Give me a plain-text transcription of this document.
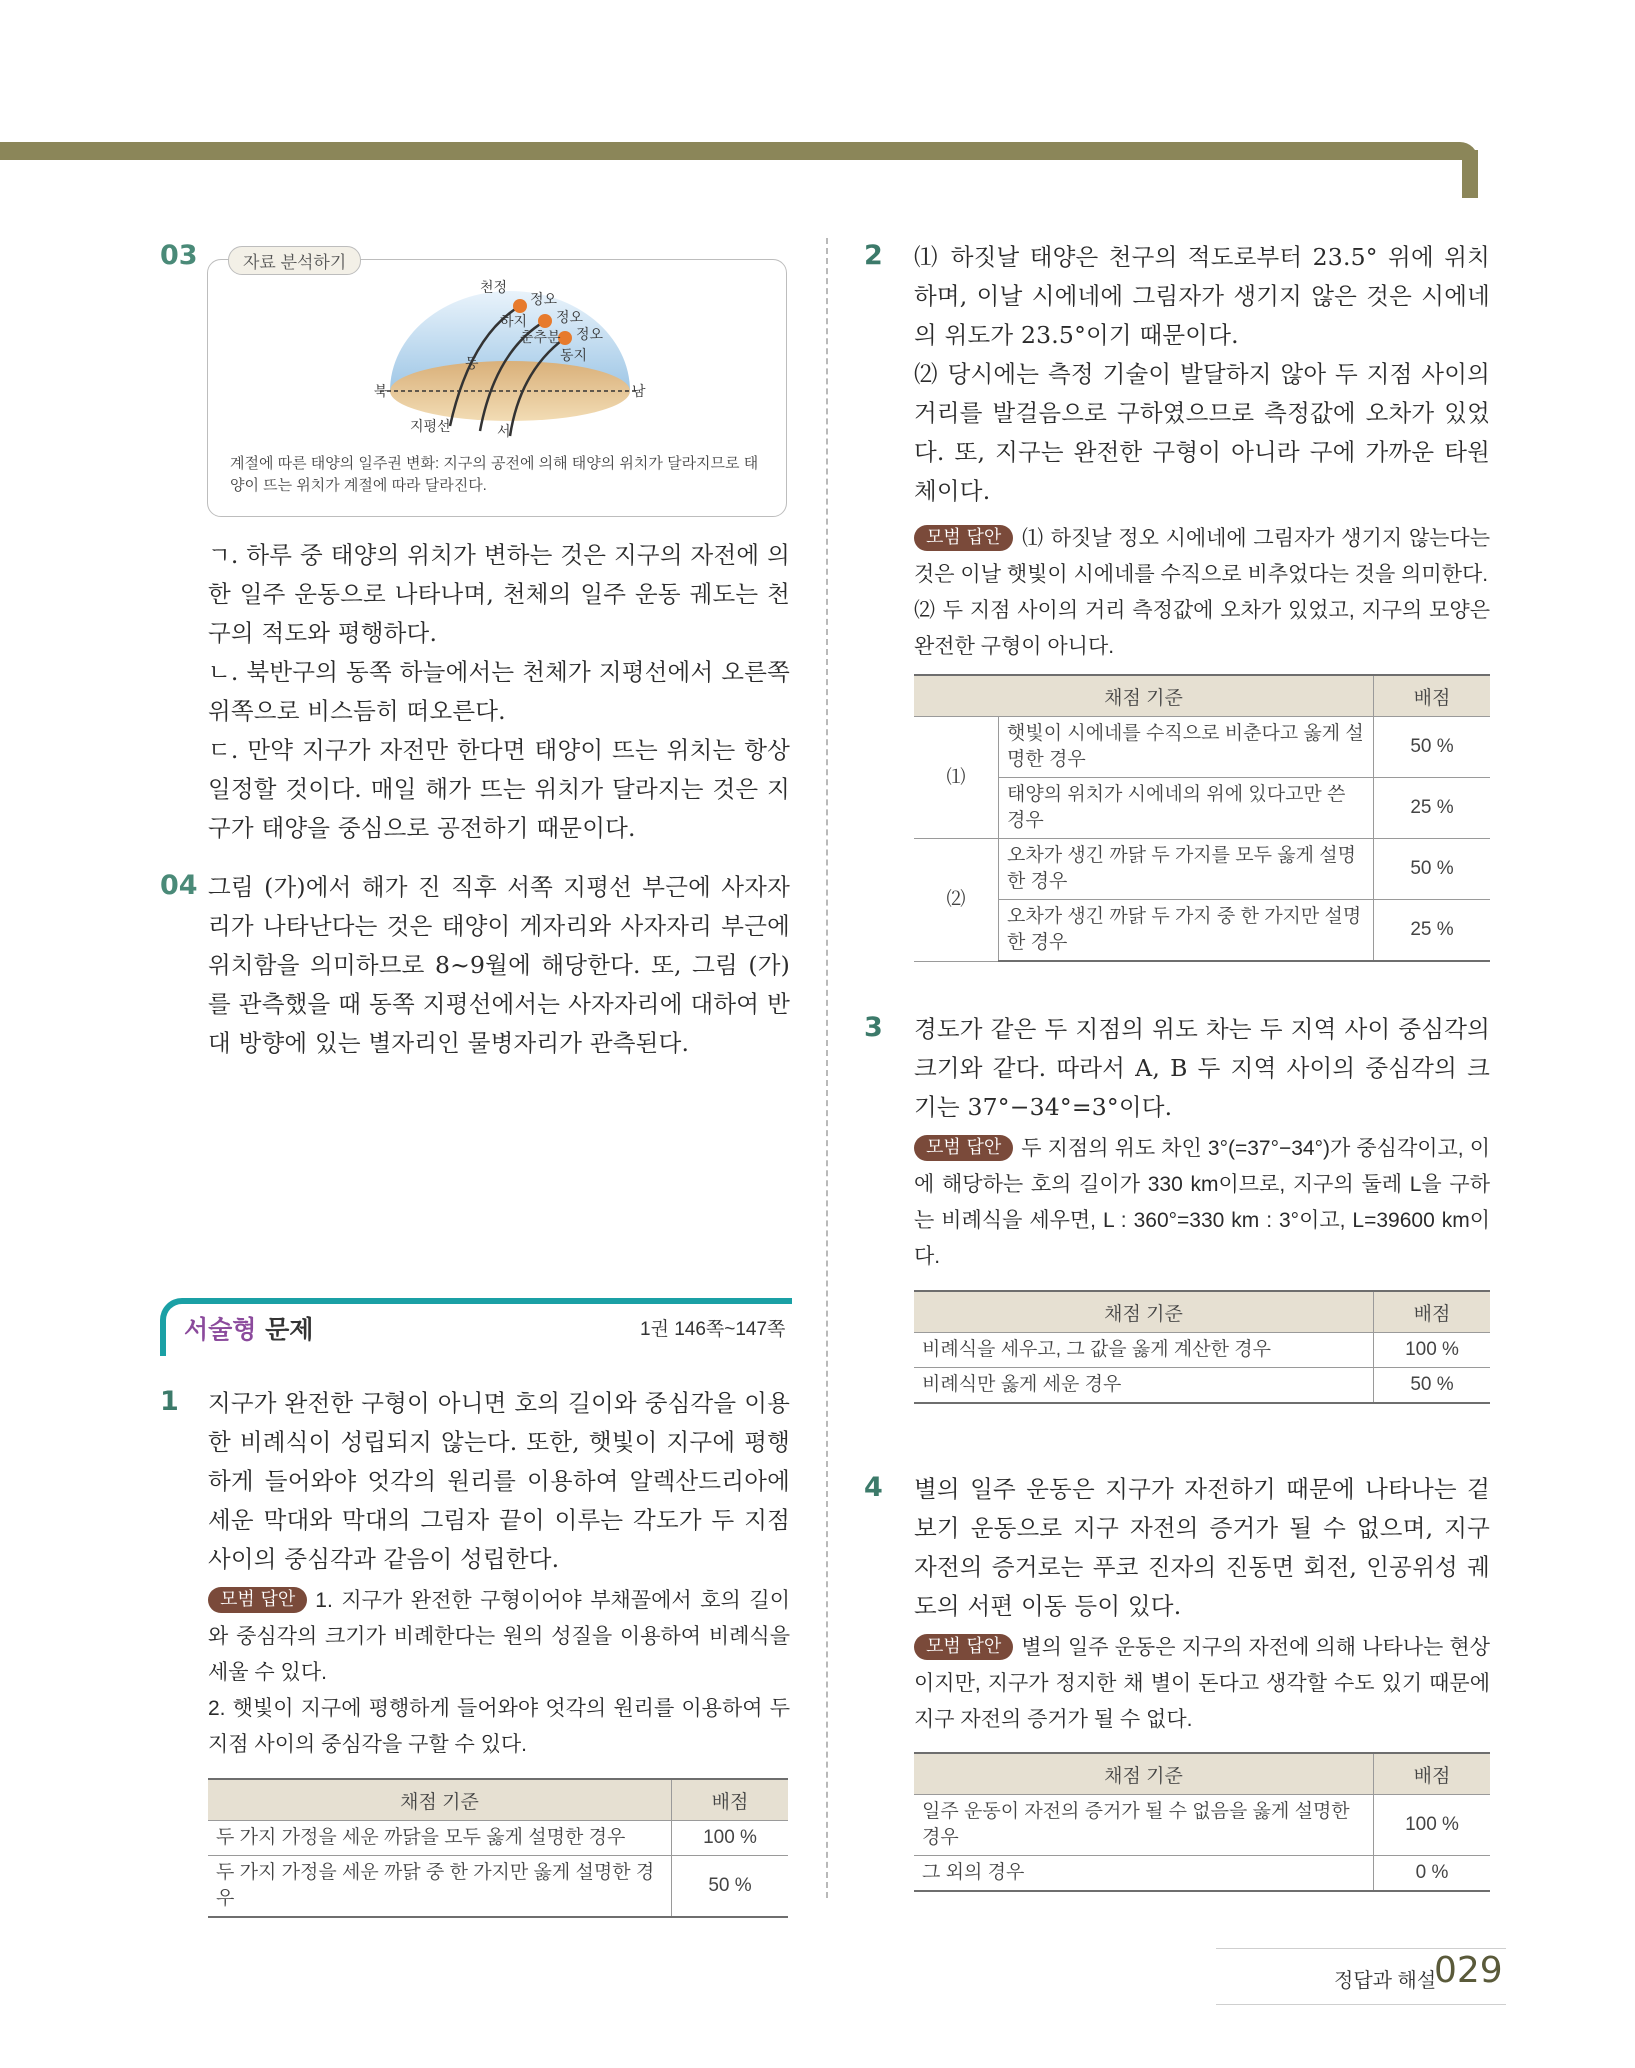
03	자료 분석하기
천정
정오
정오
정오
하지
춘추분
동지
동
서
북	남
지평선
계절에 따른 태양의 일주권 변화: 지구의 공전에 의해 태양의 위치가 달라지므로 태양이 뜨는 위치가 계절에 따라 달라진다.

ㄱ. 하루 중 태양의 위치가 변하는 것은 지구의 자전에 의한 일주 운동으로 나타나며, 천체의 일주 운동 궤도는 천구의 적도와 평행하다.

ㄴ. 북반구의 동쪽 하늘에서는 천체가 지평선에서 오른쪽 위쪽으로 비스듬히 떠오른다.

ㄷ. 만약 지구가 자전만 한다면 태양이 뜨는 위치는 항상 일정할 것이다. 매일 해가 뜨는 위치가 달라지는 것은 지구가 태양을 중심으로 공전하기 때문이다.

04 그림 (가)에서 해가 진 직후 서쪽 지평선 부근에 사자자리가 나타난다는 것은 태양이 게자리와 사자자리 부근에 위치함을 의미하므로 8~9월에 해당한다. 또, 그림 (가)를 관측했을 때 동쪽 지평선에서는 사자자리에 대하여 반대 방향에 있는 별자리인 물병자리가 관측된다.

서술형 문제	1권 146쪽~147쪽
1 지구가 완전한 구형이 아니면 호의 길이와 중심각을 이용한 비례식이 성립되지 않는다. 또한, 햇빛이 지구에 평행하게 들어와야 엇각의 원리를 이용하여 알렉산드리아에 세운 막대와 막대의 그림자 끝이 이루는 각도가 두 지점 사이의 중심각과 같음이 성립한다.

모범 답안 1. 지구가 완전한 구형이어야 부채꼴에서 호의 길이와 중심각의 크기가 비례한다는 원의 성질을 이용하여 비례식을 세울 수 있다.

2. 햇빛이 지구에 평행하게 들어와야 엇각의 원리를 이용하여 두 지점 사이의 중심각을 구할 수 있다.

채점 기준	배점
두 가지 가정을 세운 까닭을 모두 옳게 설명한 경우	100 %
두 가지 가정을 세운 까닭 중 한 가지만 옳게 설명한 경우	50 %
2 ⑴ 하짓날 태양은 천구의 적도로부터 23.5° 위에 위치하며, 이날 시에네에 그림자가 생기지 않은 것은 시에네의 위도가 23.5°이기 때문이다.

⑵ 당시에는 측정 기술이 발달하지 않아 두 지점 사이의 거리를 발걸음으로 구하였으므로 측정값에 오차가 있었다. 또, 지구는 완전한 구형이 아니라 구에 가까운 타원체이다.

모범 답안 ⑴ 하짓날 정오 시에네에 그림자가 생기지 않는다는 것은 이날 햇빛이 시에네를 수직으로 비추었다는 것을 의미한다.

⑵ 두 지점 사이의 거리 측정값에 오차가 있었고, 지구의 모양은 완전한 구형이 아니다.

채점 기준		배점
⑴	햇빛이 시에네를 수직으로 비춘다고 옳게 설명한 경우	50 %
	태양의 위치가 시에네의 위에 있다고만 쓴 경우	25 %
⑵	오차가 생긴 까닭 두 가지를 모두 옳게 설명한 경우	50 %
	오차가 생긴 까닭 두 가지 중 한 가지만 설명한 경우	25 %
3 경도가 같은 두 지점의 위도 차는 두 지역 사이 중심각의 크기와 같다. 따라서 A, B 두 지역 사이의 중심각의 크기는 37°−34°=3°이다.

모범 답안 두 지점의 위도 차인 3°(=37°−34°)가 중심각이고, 이에 해당하는 호의 길이가 330 km이므로, 지구의 둘레 L을 구하는 비례식을 세우면, L : 360°=330 km : 3°이고, L=39600 km이다.

채점 기준	배점
비례식을 세우고, 그 값을 옳게 계산한 경우	100 %
비례식만 옳게 세운 경우	50 %
4 별의 일주 운동은 지구가 자전하기 때문에 나타나는 겉보기 운동으로 지구 자전의 증거가 될 수 없으며, 지구 자전의 증거로는 푸코 진자의 진동면 회전, 인공위성 궤도의 서편 이동 등이 있다.

모범 답안 별의 일주 운동은 지구의 자전에 의해 나타나는 현상이지만, 지구가 정지한 채 별이 돈다고 생각할 수도 있기 때문에 지구 자전의 증거가 될 수 없다.

채점 기준	배점
일주 운동이 자전의 증거가 될 수 없음을 옳게 설명한 경우	100 %
그 외의 경우	0 %
정답과 해설
029
